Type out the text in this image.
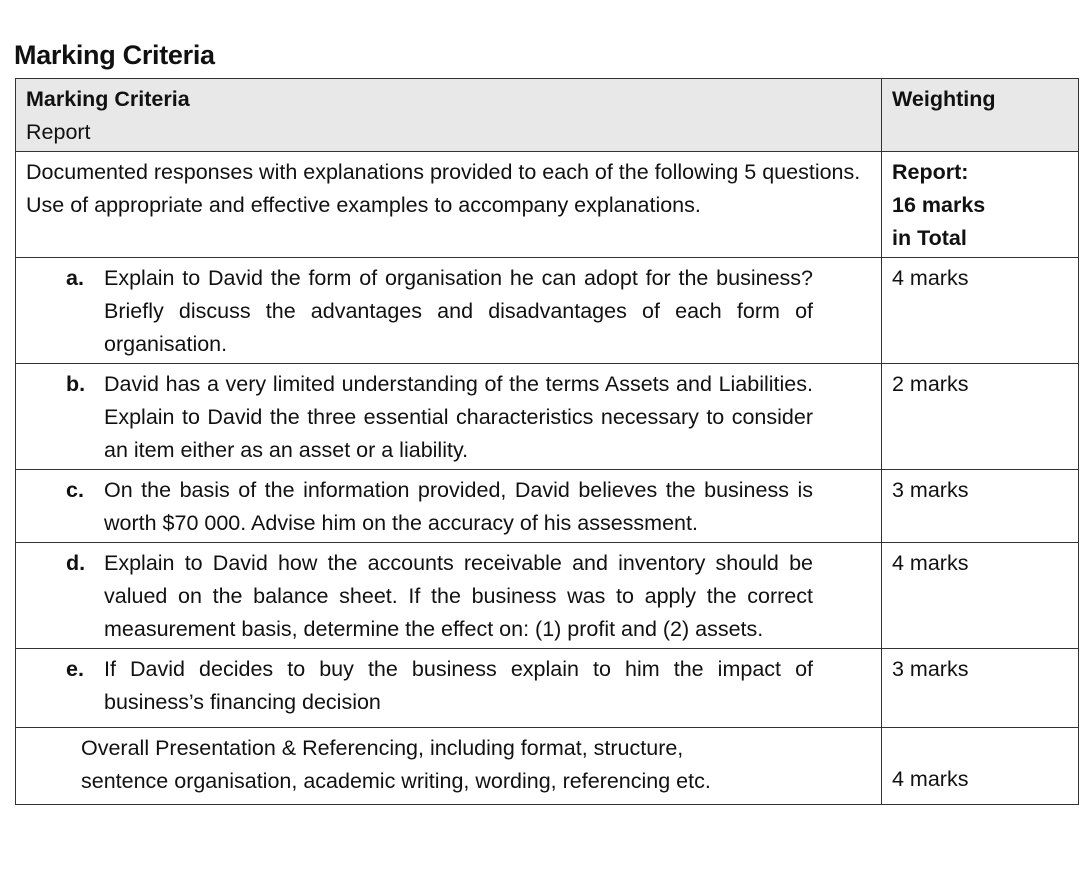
Marking Criteria
Marking Criteria
Report	Weighting

Documented responses with explanations provided to each of the following 5 questions. Use of appropriate and effective examples to accompany explanations.	Report:
16 marks
in Total

a. Explain to David the form of organisation he can adopt for the business? Briefly discuss the advantages and disadvantages of each form of organisation.	4 marks

b. David has a very limited understanding of the terms Assets and Liabilities. Explain to David the three essential characteristics necessary to consider an item either as an asset or a liability.	2 marks

c. On the basis of the information provided, David believes the business is worth $70 000. Advise him on the accuracy of his assessment.	3 marks

d. Explain to David how the accounts receivable and inventory should be valued on the balance sheet. If the business was to apply the correct measurement basis, determine the effect on: (1) profit and (2) assets.	4 marks

e. If David decides to buy the business explain to him the impact of business’s financing decision	3 marks

Overall Presentation & Referencing, including format, structure,
sentence organisation, academic writing, wording, referencing etc.	4 marks
